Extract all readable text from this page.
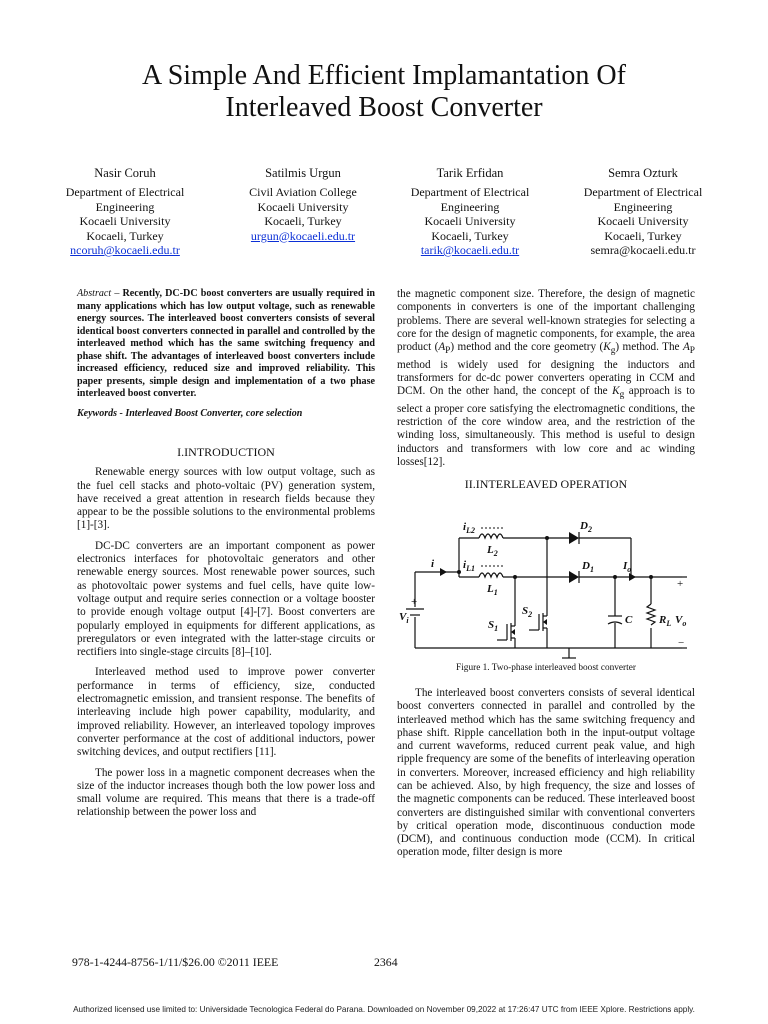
A Simple And Efficient Implamantation Of
Interleaved Boost Converter
Nasir Coruh
Department of Electrical
Engineering
Kocaeli University
Kocaeli, Turkey
ncoruh@kocaeli.edu.tr
Satilmis Urgun
Civil Aviation College
Kocaeli University
Kocaeli, Turkey
urgun@kocaeli.edu.tr
Tarik Erfidan
Department of Electrical
Engineering
Kocaeli University
Kocaeli, Turkey
tarik@kocaeli.edu.tr
Semra Ozturk
Department of Electrical
Engineering
Kocaeli University
Kocaeli, Turkey
semra@kocaeli.edu.tr
Abstract – Recently, DC-DC boost converters are usually required in many applications which has low output voltage, such as renewable energy sources. The interleaved boost converters consists of several identical boost converters connected in parallel and controlled by the interleaved method which has the same switching frequency and phase shift. The advantages of interleaved boost converters include increased efficiency, reduced size and improved reliability. This paper presents, simple design and implementation of a two phase interleaved boost converter.
Keywords - Interleaved Boost Converter, core selection
I.INTRODUCTION
Renewable energy sources with low output voltage, such as the fuel cell stacks and photo-voltaic (PV) generation system, have received a great attention in research fields because they appear to be the possible solutions to the environmental problems [1]-[3].
DC-DC converters are an important component as power electronics interfaces for photovoltaic generators and other renewable energy sources. Most renewable power sources, such as photovoltaic power systems and fuel cells, have quite low-voltage output and require series connection or a voltage booster to provide enough voltage output [4]-[7]. Boost converters are popularly employed in equipments for different applications, as preregulators or even integrated with the latter-stage circuits or rectifiers into single-stage circuits [8]–[10].
Interleaved method used to improve power converter performance in terms of efficiency, size, conducted electromagnetic emission, and transient response. The benefits of interleaving include high power capability, modularity, and improved reliability. However, an interleaved topology improves converter performance at the cost of additional inductors, power switching devices, and output rectifiers [11].
The power loss in a magnetic component decreases when the size of the inductor increases though both the low power loss and small volume are required. This means that there is a trade-off relationship between the power loss and
the magnetic component size. Therefore, the design of magnetic components in converters is one of the important challenging problems. There are several well-known strategies for selecting a core for the design of magnetic components, for example, the area product $(A_P)$ method and the core geometry $(K_g)$ method. The $A_P$ method is widely used for designing the inductors and transformers for dc-dc power converters operating in CCM and DCM. On the other hand, the concept of the $K_g$ approach is to select a proper core satisfying the electromagnetic conditions, the restriction of the core window area, and the restriction of the winding loss, simultaneously. This method is useful to design inductors and transformers with low core and ac winding losses[12].
II.INTERLEAVED OPERATION
$i_{L2}$
$i_{L1}$
i
$L_2$
$L_1$
$D_2$
$D_1$	$I_o$
$V_i$	$S_1$
$S_2$	C $R_L$ $V_o$
+
+
−
Figure 1. Two-phase interleaved boost converter
The interleaved boost converters consists of several identical boost converters connected in parallel and controlled by the interleaved method which has the same switching frequency and phase shift. Ripple cancellation both in the input-output voltage and current waveforms, reduced current peak value, and high ripple frequency are some of the benefits of interleaving operation in converters. Moreover, increased efficiency and high reliability can be achieved. Also, by high frequency, the size and losses of the magnetic components can be reduced. These interleaved boost converters are distinguished similar with conventional converters by critical operation mode, discontinuous conduction mode (DCM), and continuous conduction mode (CCM). In critical operation mode, filter design is more
978-1-4244-8756-1/11/$26.00 ©2011 IEEE	2364
Authorized licensed use limited to: Universidade Tecnologica Federal do Parana. Downloaded on November 09,2022 at 17:26:47 UTC from IEEE Xplore. Restrictions apply.
